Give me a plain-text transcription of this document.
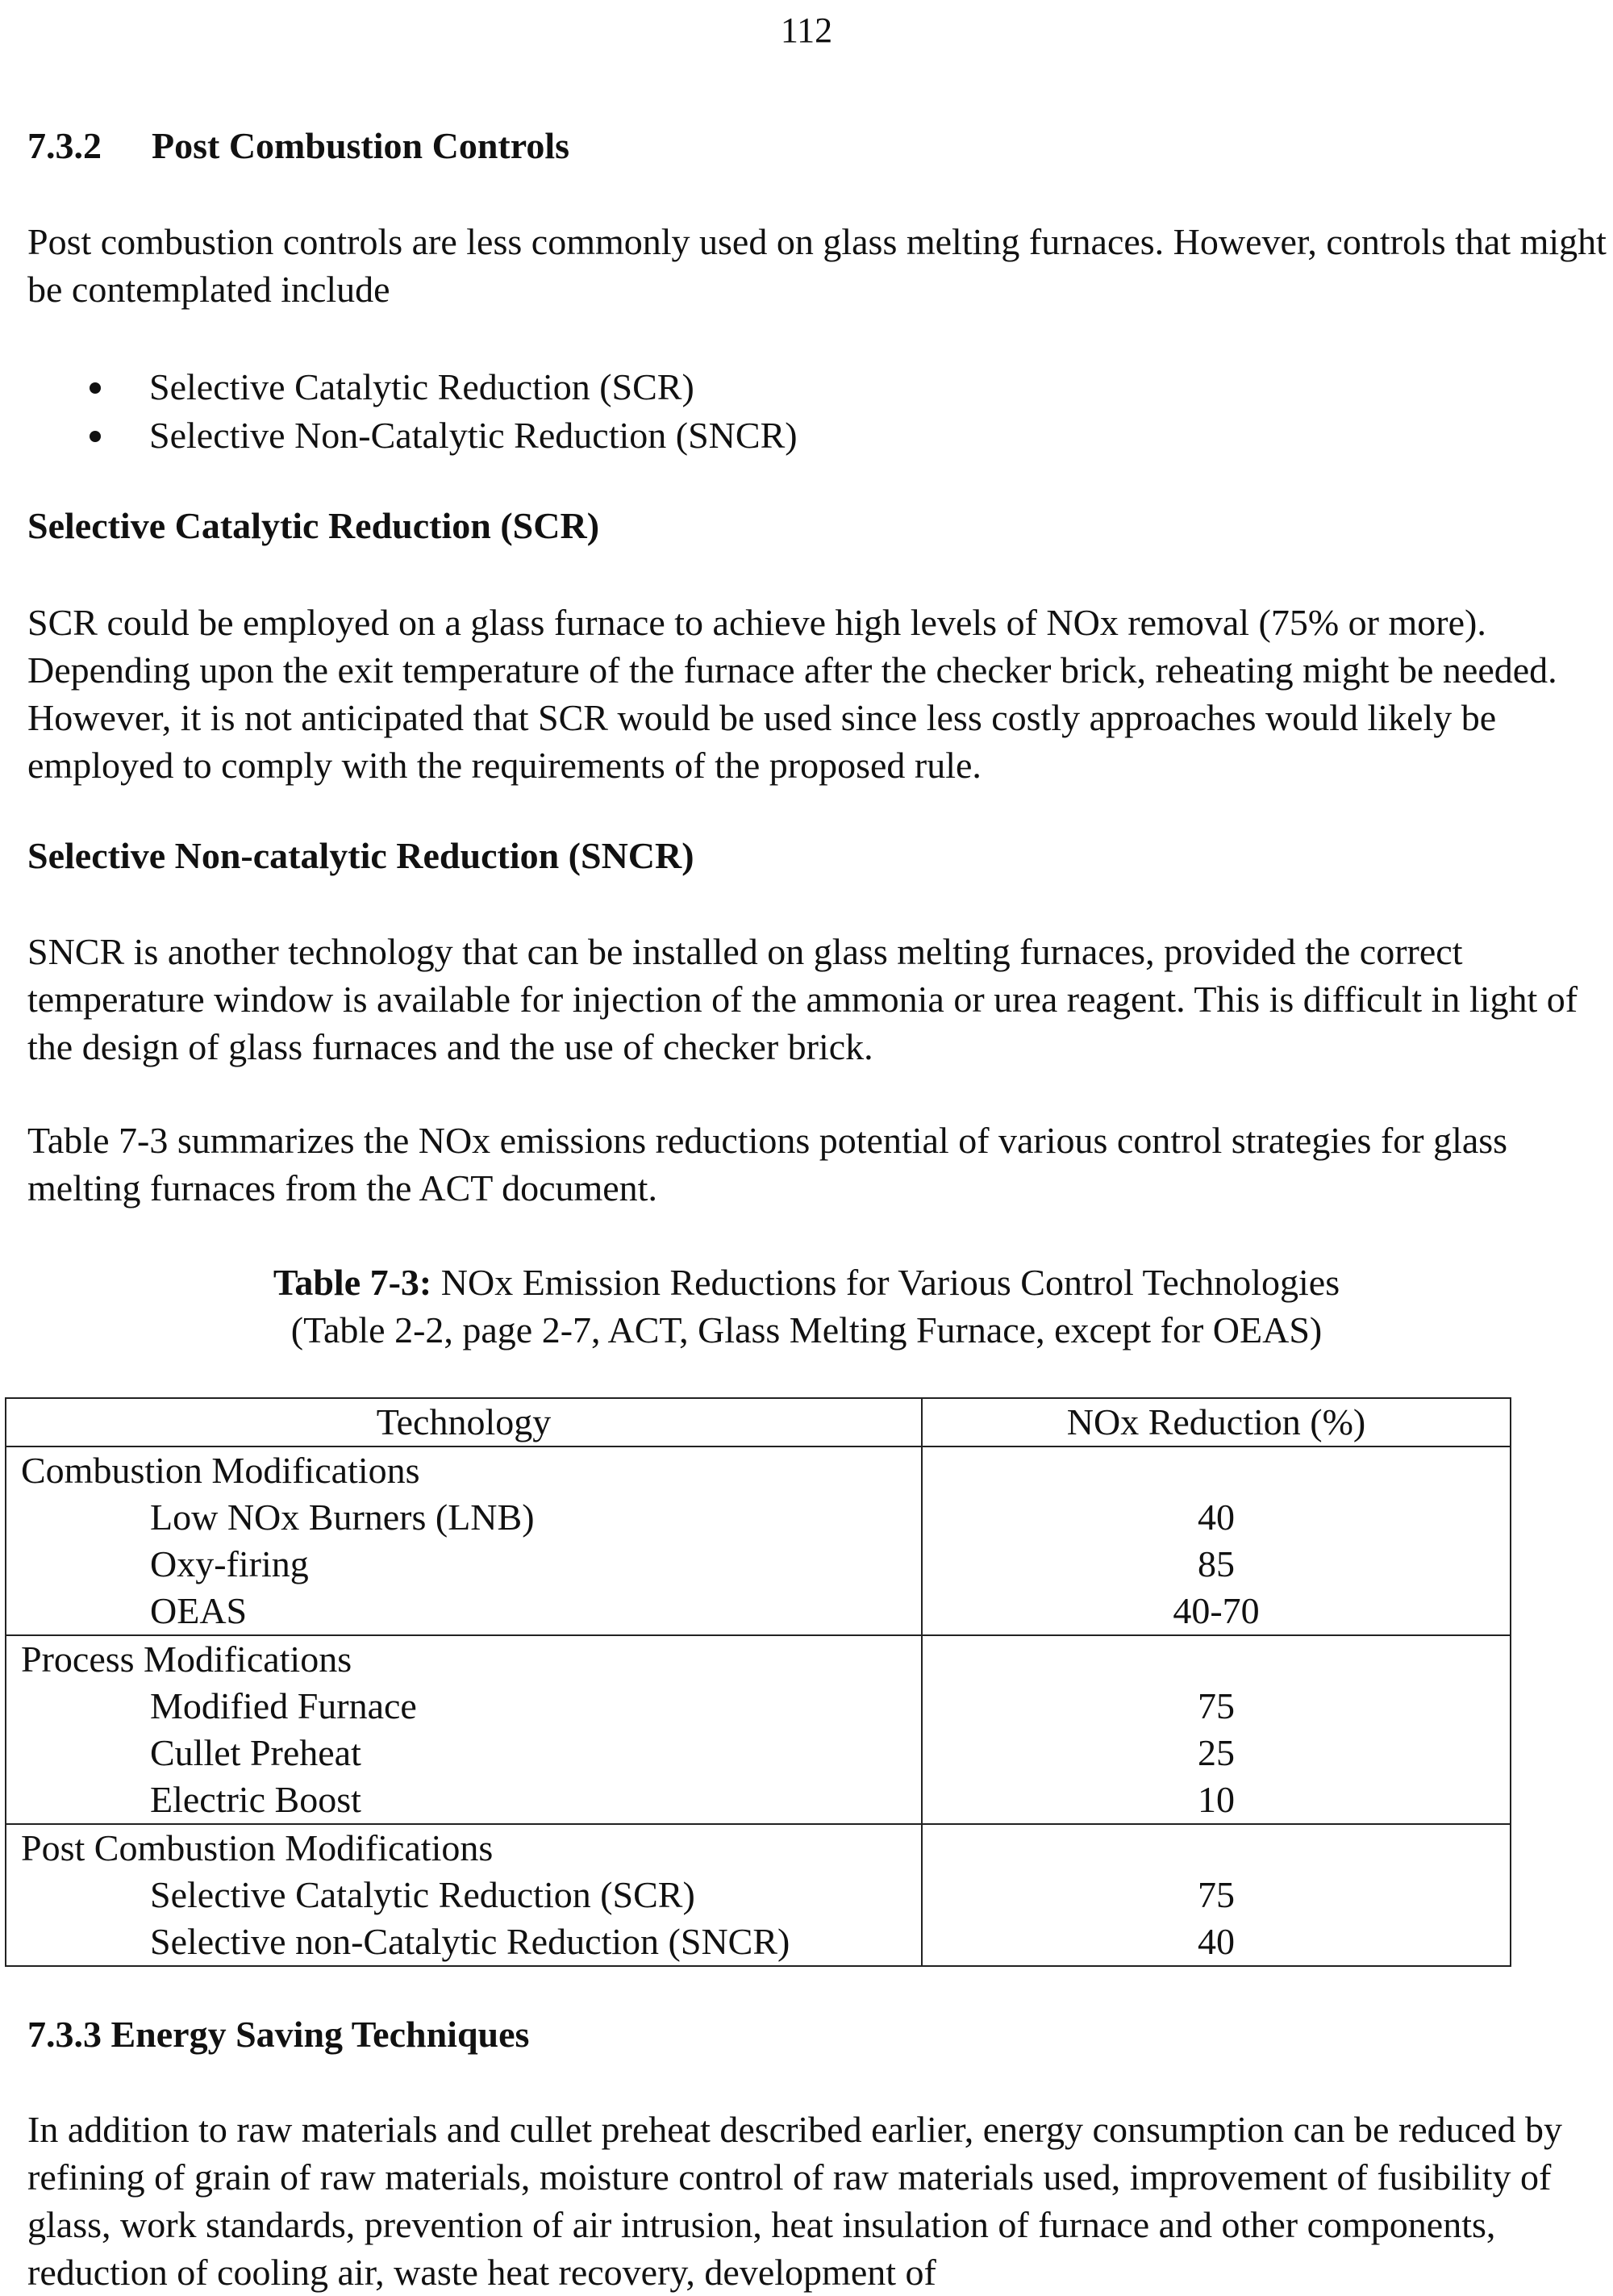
112
7.3.2 Post Combustion Controls

Post combustion controls are less commonly used on glass melting furnaces. However, controls that might be contemplated include

Selective Catalytic Reduction (SCR)
Selective Non-Catalytic Reduction (SNCR)
Selective Catalytic Reduction (SCR)

SCR could be employed on a glass furnace to achieve high levels of NOx removal (75% or more). Depending upon the exit temperature of the furnace after the checker brick, reheating might be needed. However, it is not anticipated that SCR would be used since less costly approaches would likely be employed to comply with the requirements of the proposed rule.

Selective Non-catalytic Reduction (SNCR)

SNCR is another technology that can be installed on glass melting furnaces, provided the correct temperature window is available for injection of the ammonia or urea reagent. This is difficult in light of the design of glass furnaces and the use of checker brick.

Table 7-3 summarizes the NOx emissions reductions potential of various control strategies for glass melting furnaces from the ACT document.

Table 7-3: NOx Emission Reductions for Various Control Technologies

(Table 2-2, page 2-7, ACT, Glass Melting Furnace, except for OEAS)

Technology	NOx Reduction (%)
Combustion Modifications	
Low NOx Burners (LNB)	40
Oxy-firing	85
OEAS	40-70
Process Modifications	
Modified Furnace	75
Cullet Preheat	25
Electric Boost	10
Post Combustion Modifications	
Selective Catalytic Reduction (SCR)	75
Selective non-Catalytic Reduction (SNCR)	40
7.3.3 Energy Saving Techniques

In addition to raw materials and cullet preheat described earlier, energy consumption can be reduced by refining of grain of raw materials, moisture control of raw materials used, improvement of fusibility of glass, work standards, prevention of air intrusion, heat insulation of furnace and other components, reduction of cooling air, waste heat recovery, development of
